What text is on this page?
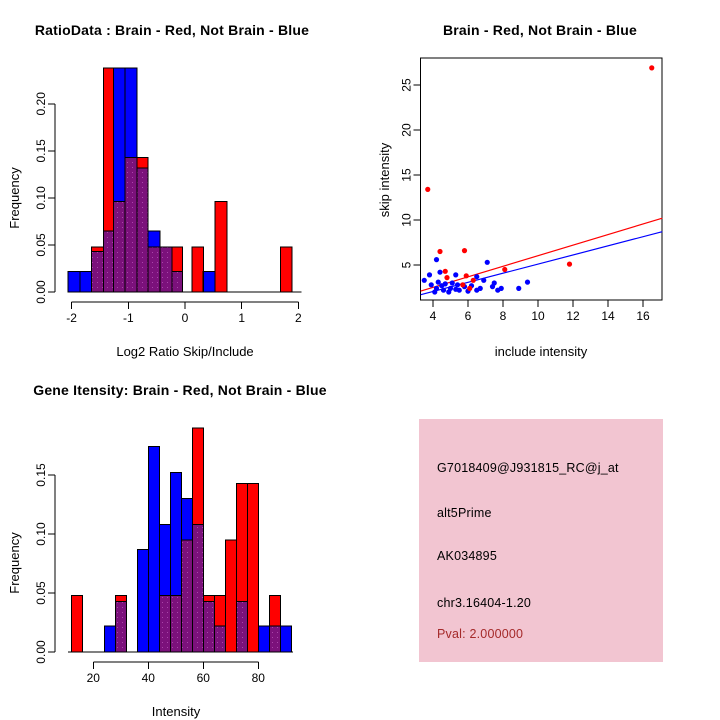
-2	-1	0	1	2
0.00
0.05
0.10
0.15
0.20
RatioData : Brain - Red, Not Brain - Blue
Log2 Ratio Skip/Include
Frequency
4 6 8 10 12 14 16
5
10
15
20
25
Brain - Red, Not Brain - Blue
include intensity
skip intensity
20	40	60	80
0.00
0.05
0.10
0.15
Gene Itensity: Brain - Red, Not Brain - Blue
Intensity
Frequency
G7018409@J931815_RC@j_at
alt5Prime
AK034895
chr3.16404-1.20
Pval: 2.000000
